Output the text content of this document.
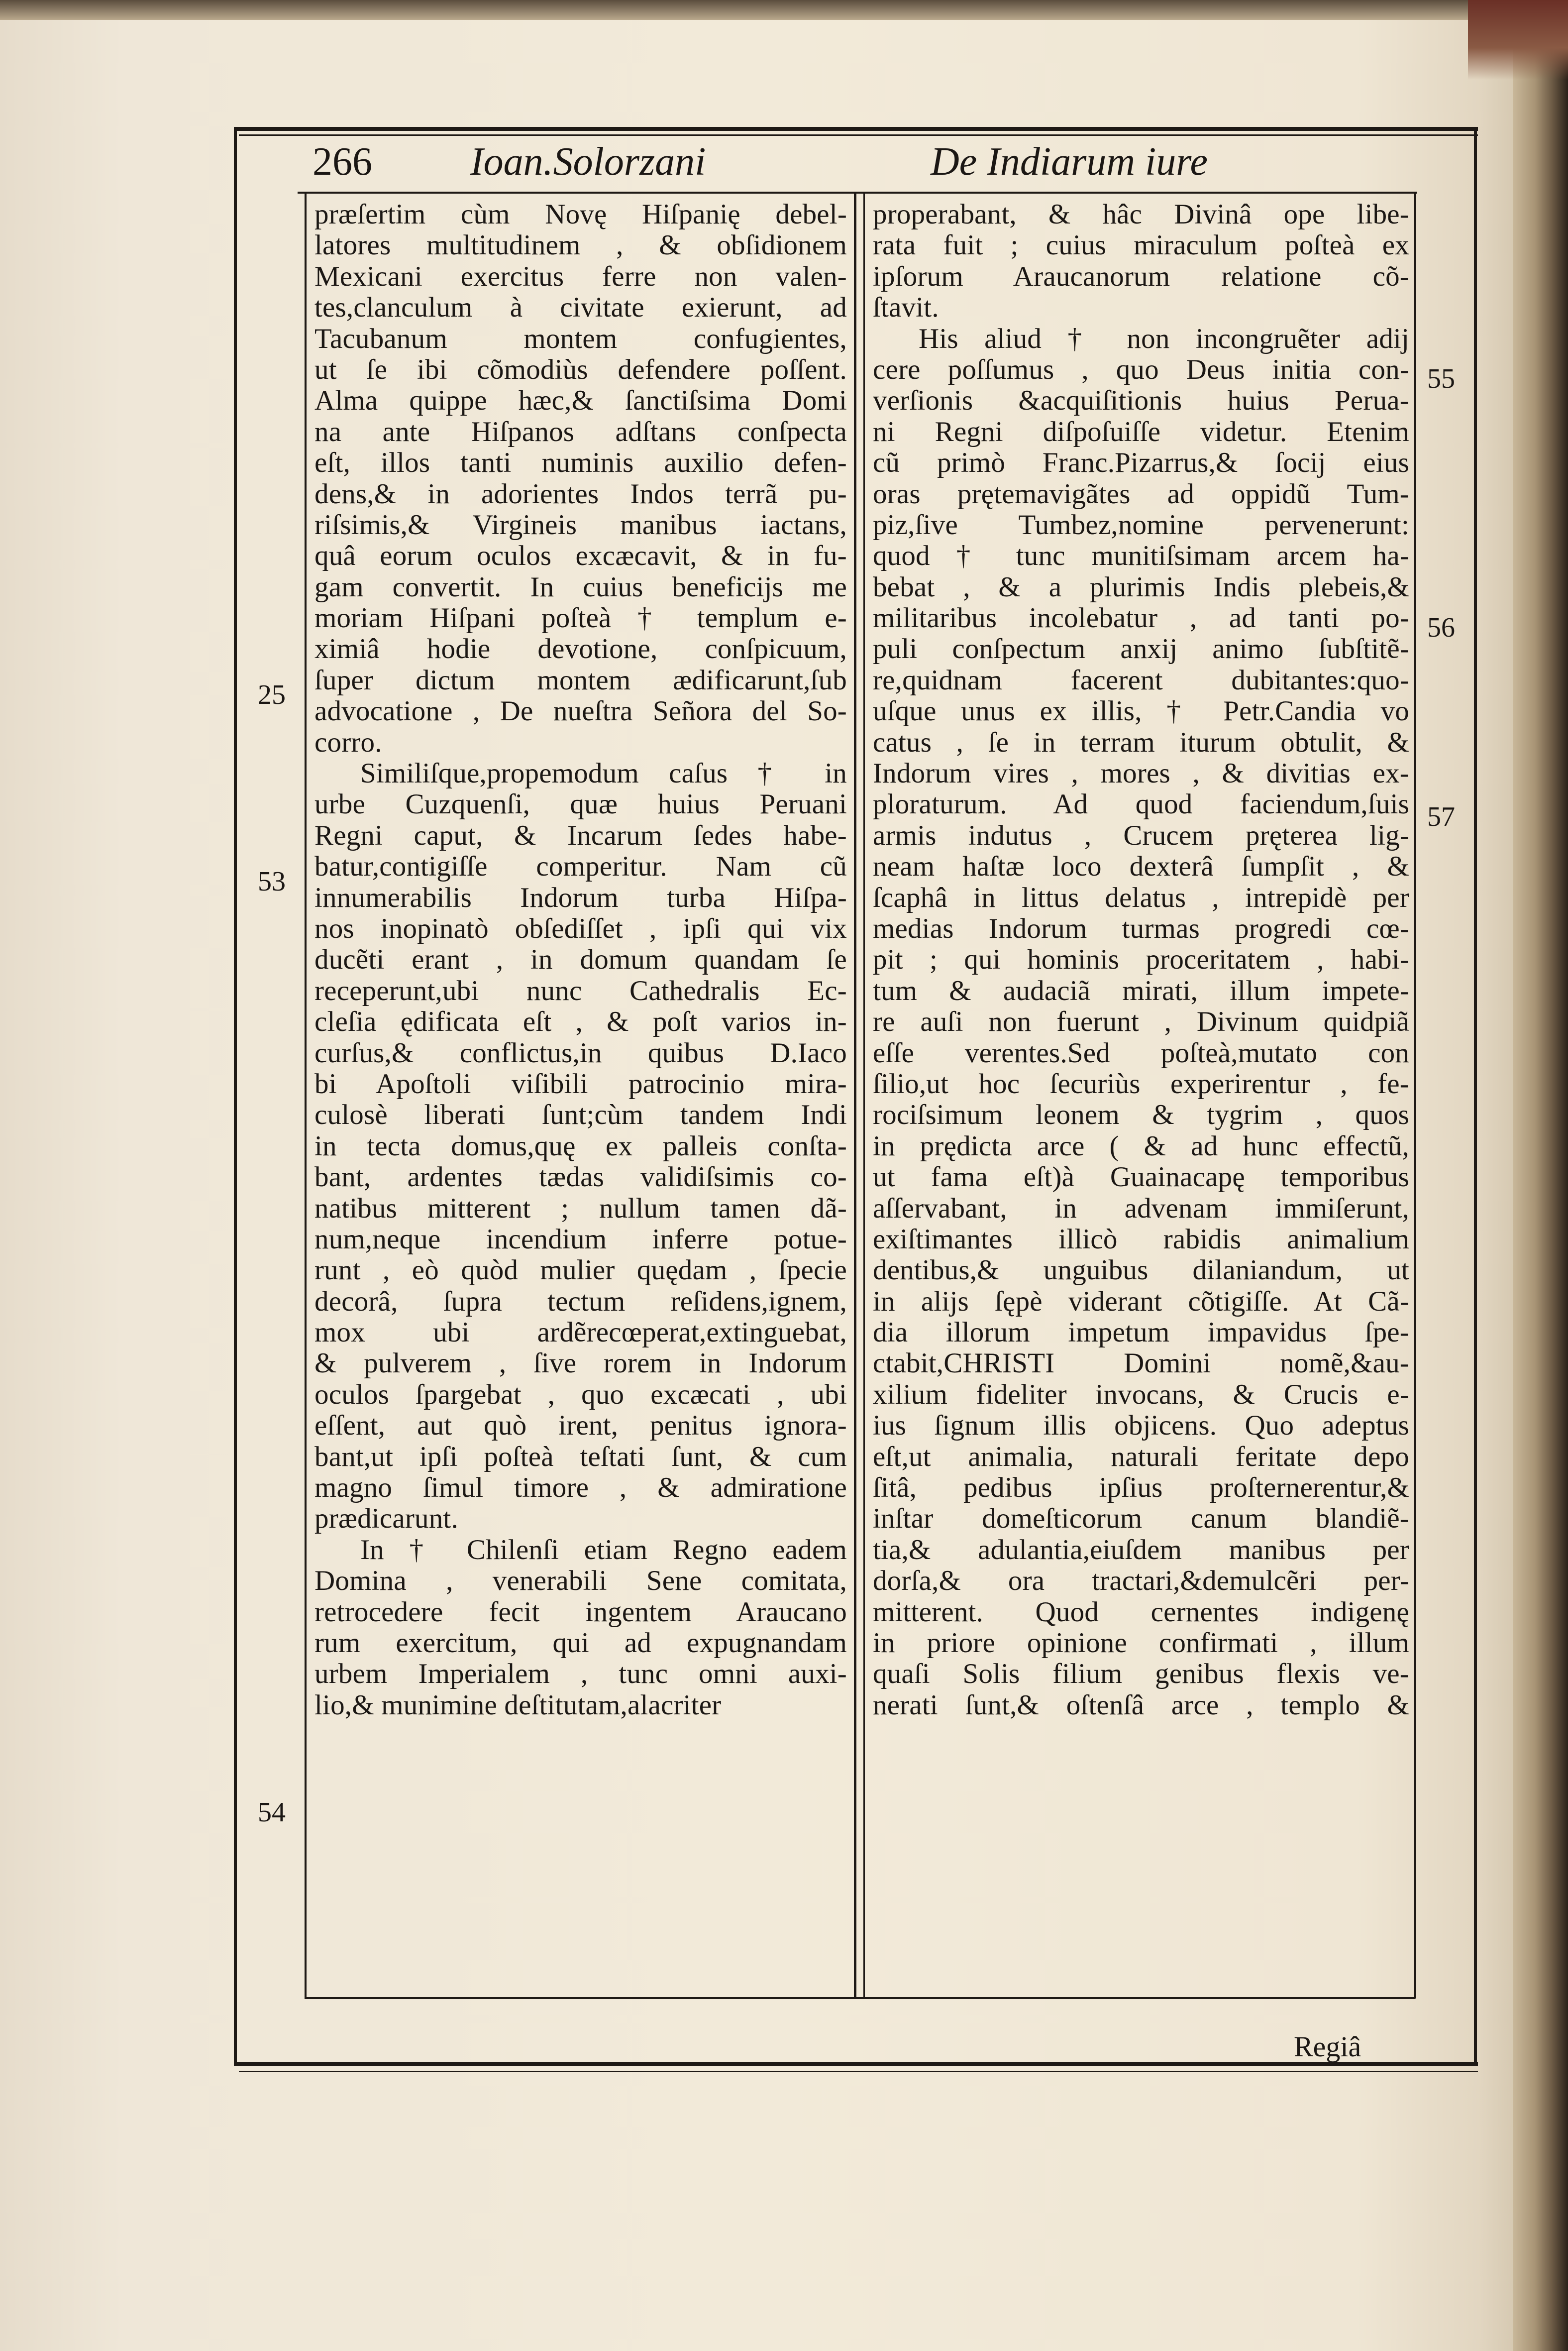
266 Ioan.Solorzani	De Indiarum iure
præſertim cùm Novę Hiſpanię debel-
latores multitudinem , & obſidionem
Mexicani exercitus ferre non valen-
tes,clanculum à civitate exierunt, ad
Tacubanum montem confugientes,
ut ſe ibi cõmodiùs defendere poſſent.
Alma quippe hæc,& ſanctiſsima Domi
na ante Hiſpanos adſtans conſpecta
eſt, illos tanti numinis auxilio defen-
dens,& in adorientes Indos terrã pu-
riſsimis,& Virgineis manibus iactans,
quâ eorum oculos excæcavit, & in fu-
gam convertit. In cuius beneficijs me
moriam Hiſpani poſteà † templum e-
ximiâ hodie devotione, conſpicuum,
ſuper dictum montem ædificarunt,ſub
advocatione , De nueſtra Señora del So-
corro.
Similiſque,propemodum caſus † in
urbe Cuzquenſi, quæ huius Peruani
Regni caput, & Incarum ſedes habe-
batur,contigiſſe comperitur. Nam cũ
innumerabilis Indorum turba Hiſpa-
nos inopinatò obſediſſet , ipſi qui vix
ducẽti erant , in domum quandam ſe
receperunt,ubi nunc Cathedralis Ec-
cleſia ędificata eſt , & poſt varios in-
curſus,& conflictus,in quibus D.Iaco
bi Apoſtoli viſibili patrocinio mira-
culosè liberati ſunt;cùm tandem Indi
in tecta domus,quę ex palleis conſta-
bant, ardentes tædas validiſsimis co-
natibus mitterent ; nullum tamen dã-
num,neque incendium inferre potue-
runt , eò quòd mulier quędam , ſpecie
decorâ, ſupra tectum reſidens,ignem,
mox ubi ardẽrecœperat,extinguebat,
& pulverem , ſive rorem in Indorum
oculos ſpargebat , quo excæcati , ubi
eſſent, aut quò irent, penitus ignora-
bant,ut ipſi poſteà teſtati ſunt, & cum
magno ſimul timore , & admiratione
prædicarunt.
In † Chilenſi etiam Regno eadem
Domina , venerabili Sene comitata,
retrocedere fecit ingentem Araucano
rum exercitum, qui ad expugnandam
urbem Imperialem , tunc omni auxi-
lio,& munimine deſtitutam,alacriter
properabant, & hâc Divinâ ope libe-
rata fuit ; cuius miraculum poſteà ex
ipſorum Araucanorum relatione cõ-
ſtavit.
His aliud † non incongruẽter adij
cere poſſumus , quo Deus initia con-
verſionis &acquiſitionis huius Perua-
ni Regni diſpoſuiſſe videtur. Etenim
cũ primò Franc.Pizarrus,& ſocij eius
oras prętemavigãtes ad oppidũ Tum-
piz,ſive Tumbez,nomine pervenerunt:
quod † tunc munitiſsimam arcem ha-
bebat , & a plurimis Indis plebeis,&
militaribus incolebatur , ad tanti po-
puli conſpectum anxij animo ſubſtitẽ-
re,quidnam facerent dubitantes:quo-
uſque unus ex illis, † Petr.Candia vo
catus , ſe in terram iturum obtulit, &
Indorum vires , mores , & divitias ex-
ploraturum. Ad quod faciendum,ſuis
armis indutus , Crucem pręterea lig-
neam haſtæ loco dexterâ ſumpſit , &
ſcaphâ in littus delatus , intrepidè per
medias Indorum turmas progredi cœ-
pit ; qui hominis proceritatem , habi-
tum & audaciã mirati, illum impete-
re auſi non fuerunt , Divinum quidpiã
eſſe verentes.Sed poſteà,mutato con
ſilio,ut hoc ſecuriùs experirentur , fe-
rociſsimum leonem & tygrim , quos
in prędicta arce ( & ad hunc effectũ,
ut fama eſt)à Guainacapę temporibus
aſſervabant, in advenam immiſerunt,
exiſtimantes illicò rabidis animalium
dentibus,& unguibus dilaniandum, ut
in alijs ſępè viderant cõtigiſſe. At Cã-
dia illorum impetum impavidus ſpe-
ctabit,CHRISTI Domini nomẽ,&au-
xilium fideliter invocans, & Crucis e-
ius ſignum illis objicens. Quo adeptus
eſt,ut animalia, naturali feritate depo
ſitâ, pedibus ipſius proſternerentur,&
inſtar domeſticorum canum blandiẽ-
tia,& adulantia,eiuſdem manibus per
dorſa,& ora tractari,&demulcẽri per-
mitterent. Quod cernentes indigenę
in priore opinione confirmati , illum
quaſi Solis filium genibus flexis ve-
nerati ſunt,& oſtenſâ arce , templo &
25
53
54
55
56
57
Regiâ
